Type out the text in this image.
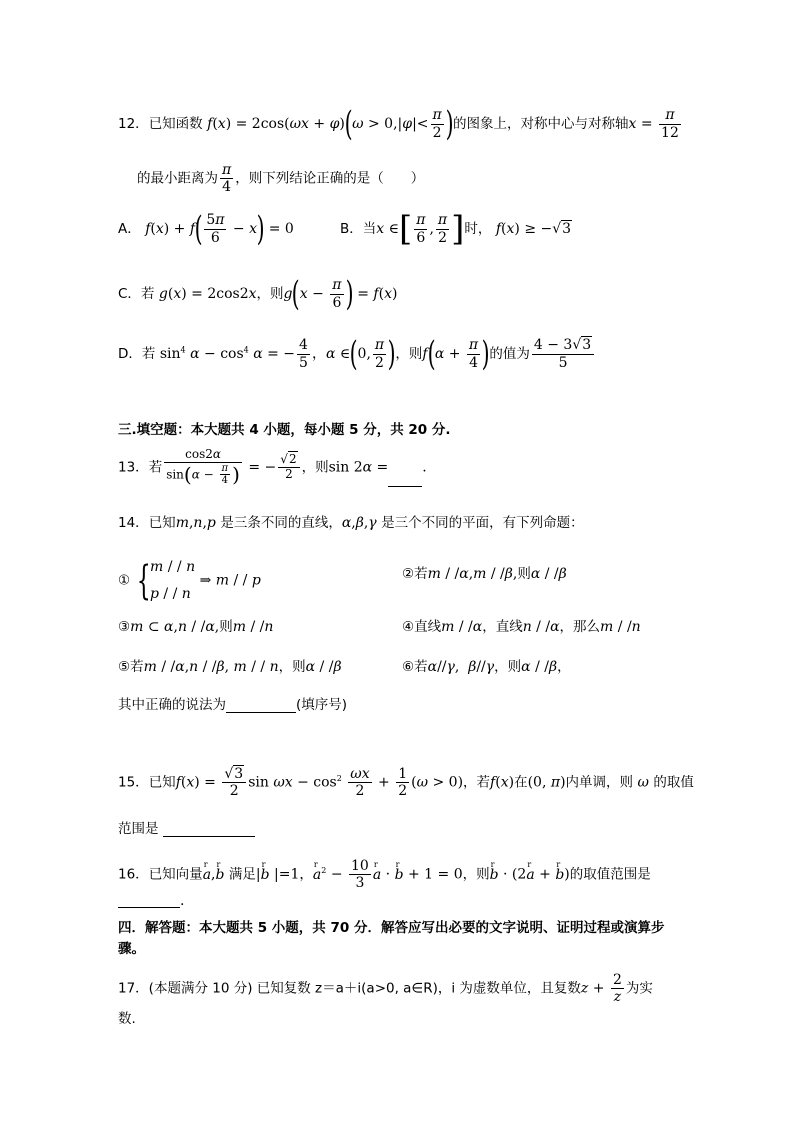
12．已知函数 $f(x) = 2\cos(\omega x + \varphi)(\omega > 0,|\varphi|< \frac{\pi}{2}$ )的图象上，对称中心与对称轴$x = \frac{\pi}{12}$
的最小距离为 $\frac{\pi}{4}$ ，则下列结论正确的是（　　）
A． $f(x) + f( \frac{5\pi}{6} - x) = 0$	B．当x ∈[ $\frac{\pi}{6}$ , $\frac{\pi}{2}$ ]时， f(x) ≥ −√3
C．若 g(x) = 2cos2x，则$g(x - \frac{\pi}{6}$ ) = f(x)
D．若 $\sin^4 \alpha - \cos^4 \alpha$ = − $\frac{4}{5}$ ，α ∈(0, $\frac{\pi}{2}$ )，则$f(\alpha + \frac{\pi}{4}$ )的值为 $\frac{4 - 3√3}{5}$
三.填空题：本大题共 4 小题，每小题 5 分，共 20 分.
13．若 $\frac{\cos 2\alpha}{\sin(\alpha - \frac{\pi}{4} )}$ = − $\frac{√2}{2}$ ，则sin 2α = .
14．已知m,n,p 是三条不同的直线，α,β,γ 是三个不同的平面，有下列命题：
① {m / / n
p / / n ⇒ m / / p	②若m / /α,m / /β,则α / /β
③m ⊂ α,n / /α,则m / /n	④直线m / /α，直线n / /α，那么m / /n
⑤若m / /α,n / /β, m / / n，则α / /β	⑥若α//γ,  β//γ，则α / /β，
其中正确的说法为	(填序号)
15．已知$f(x) = \frac{√3}{2}$ $\sin \omega x - \cos^2 \frac{\omega x}{2} + \frac{1}{2} (\omega > 0)$，若f(x)在(0, π)内单调，则 ω 的取值
范围是
16．已知向量r a,r b 满足|r b |=1，r $a^2 - \frac{10}{3}$
r a · r b + 1 = 0，则r b · (2r a + r b)的取值范围是
.
四．解答题：本大题共 5 小题，共 70 分．解答应写出必要的文字说明、证明过程或演算步
骤。
17．(本题满分 10 分) 已知复数 z＝a＋i(a>0, a∈R)，i 为虚数单位，且复数$z + \frac{2}{z}$ 为实
数.
